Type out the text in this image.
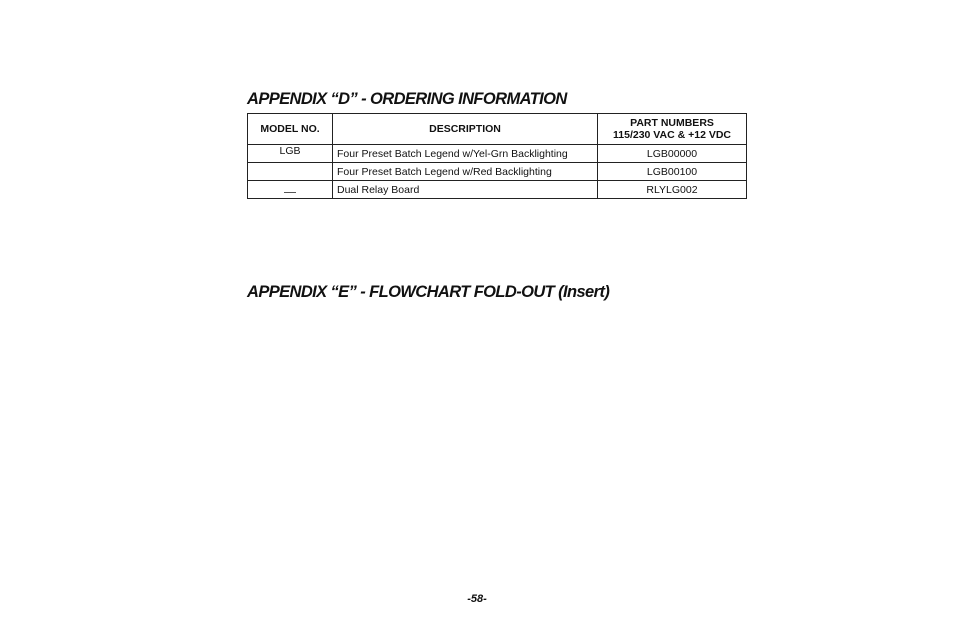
APPENDIX “D” - ORDERING INFORMATION
MODEL NO.	DESCRIPTION	PART NUMBERS
115/230 VAC & +12 VDC

LGB	Four Preset Batch Legend w/Yel-Grn Backlighting	LGB00000
	Four Preset Batch Legend w/Red Backlighting	LGB00100
	Dual Relay Board	RLYLG002
APPENDIX “E” - FLOWCHART FOLD-OUT (Insert)
-58-
